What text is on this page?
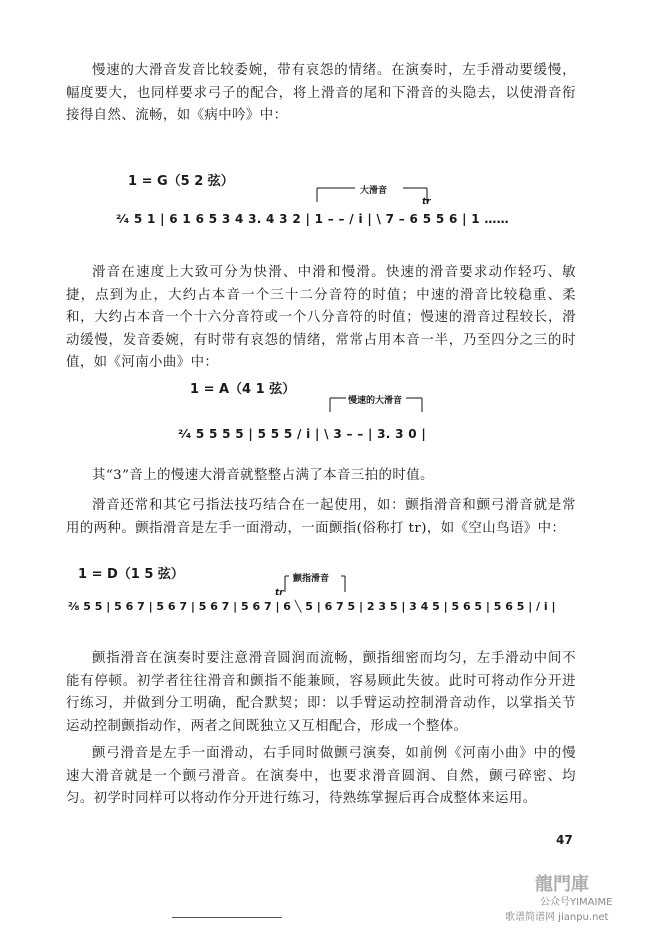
慢速的大滑音发音比较委婉，带有哀怨的情绪。在演奏时，左手滑动要缓慢，幅度要大，也同样要求弓子的配合，将上滑音的尾和下滑音的头隐去，以使滑音衔接得自然、流畅，如《病中吟》中：
1 = G（5 2 弦）
大滑音
tr
²⁄₄ 5 1 | 6 1 6 5 3 4 3. 4 3 2 | 1 – – / i | \ 7 – 6 5 5 6 | 1 ……
滑音在速度上大致可分为快滑、中滑和慢滑。快速的滑音要求动作轻巧、敏捷，点到为止，大约占本音一个三十二分音符的时值；中速的滑音比较稳重、柔和，大约占本音一个十六分音符或一个八分音符的时值；慢速的滑音过程较长，滑动缓慢，发音委婉，有时带有哀怨的情绪，常常占用本音一半，乃至四分之三的时值，如《河南小曲》中：
1 = A（4 1 弦）
慢速的大滑音
²⁄₄ 5 5 5 5 | 5 5 5 / i | \ 3 – – | 3. 3 0 |
其“3”音上的慢速大滑音就整整占满了本音三拍的时值。
滑音还常和其它弓指法技巧结合在一起使用，如：颤指滑音和颤弓滑音就是常用的两种。颤指滑音是左手一面滑动，一面颤指(俗称打 tr)，如《空山鸟语》中：
1 = D（1 5 弦）	颤指滑音
tr
²⁄₈ 5 5 | 5 6 7 | 5 6 7 | 5 6 7 | 5 6 7 | 6 ╲ 5 | 6 7 5 | 2 3 5 | 3 4 5 | 5 6 5 | 5 6 5 | / i |
颤指滑音在演奏时要注意滑音圆润而流畅，颤指细密而均匀，左手滑动中间不能有停顿。初学者往往滑音和颤指不能兼顾，容易顾此失彼。此时可将动作分开进行练习，并做到分工明确，配合默契；即：以手臂运动控制滑音动作，以掌指关节运动控制颤指动作，两者之间既独立又互相配合，形成一个整体。
颤弓滑音是左手一面滑动，右手同时做颤弓演奏，如前例《河南小曲》中的慢速大滑音就是一个颤弓滑音。在演奏中，也要求滑音圆润、自然，颤弓碎密、均匀。初学时同样可以将动作分开进行练习，待熟练掌握后再合成整体来运用。
47
龍門庫
公众号YIMAIME
歌谱简谱网 jianpu.net
